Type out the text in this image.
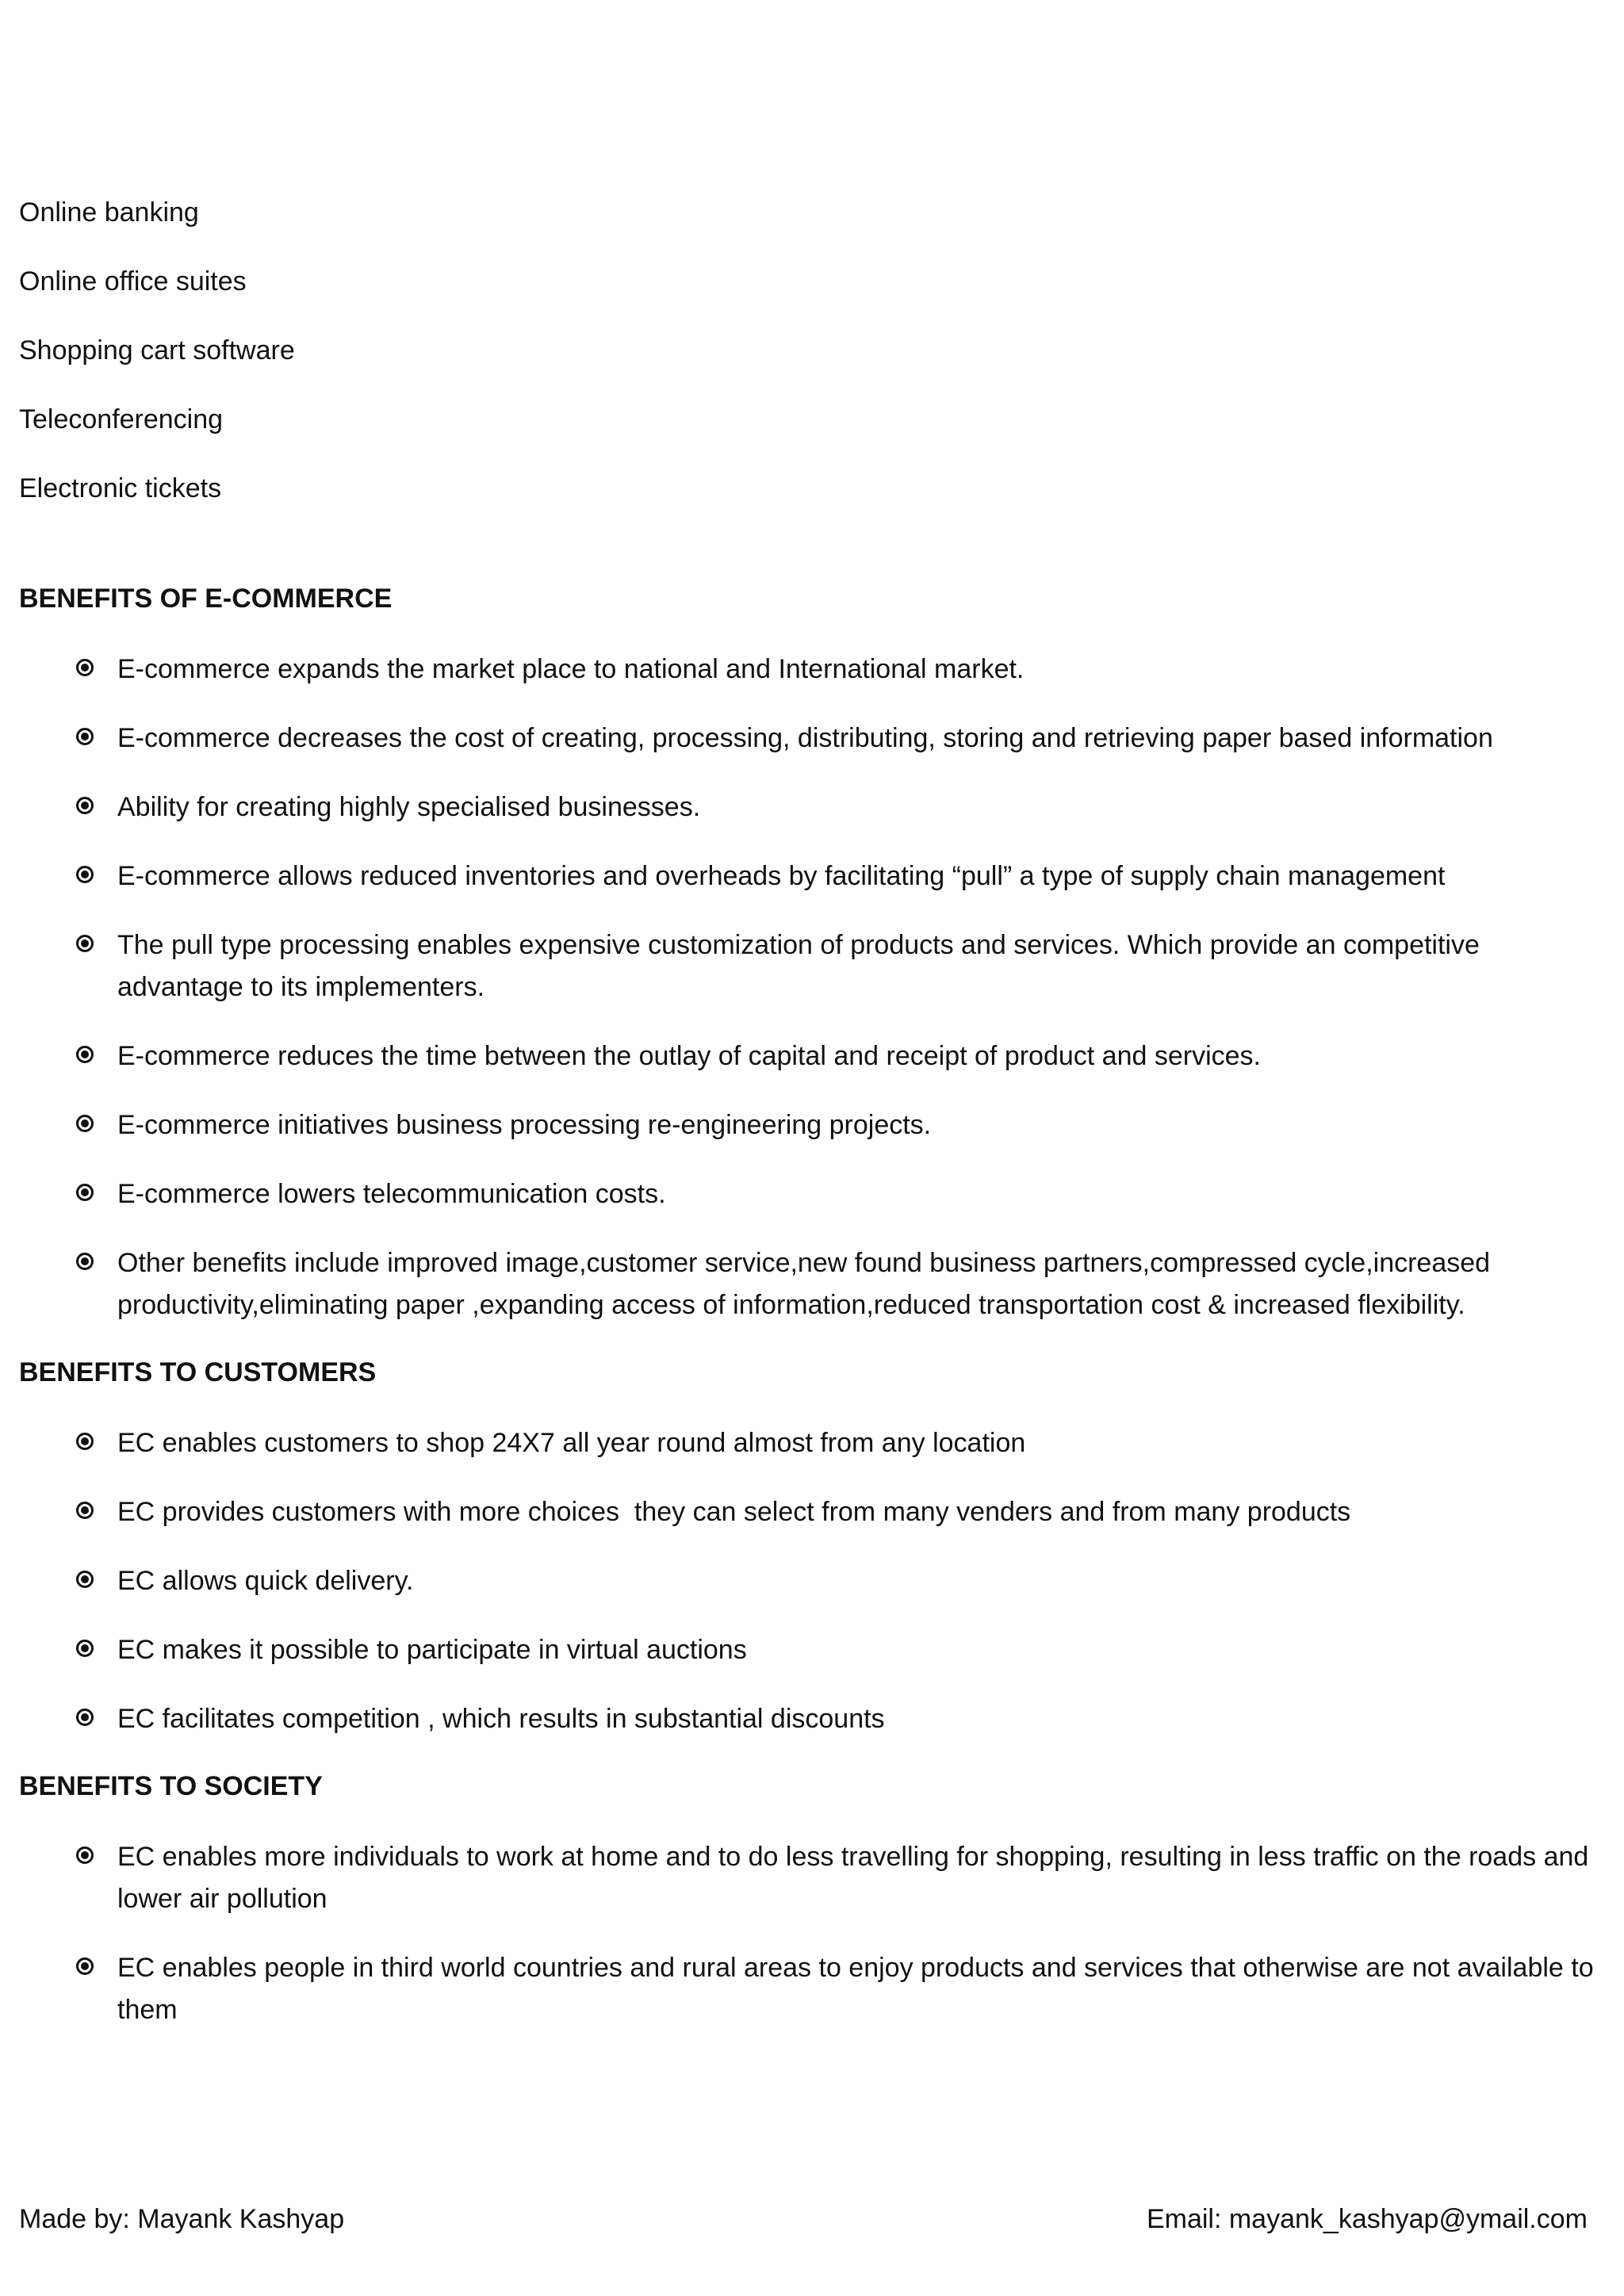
Online banking
Online office suites
Shopping cart software
Teleconferencing
Electronic tickets
BENEFITS OF E-COMMERCE
E-commerce expands the market place to national and International market.
E-commerce decreases the cost of creating, processing, distributing, storing and retrieving paper based information
Ability for creating highly specialised businesses.
E-commerce allows reduced inventories and overheads by facilitating “pull” a type of supply chain management
The pull type processing enables expensive customization of products and services. Which provide an competitive advantage to its implementers.
E-commerce reduces the time between the outlay of capital and receipt of product and services.
E-commerce initiatives business processing re-engineering projects.
E-commerce lowers telecommunication costs.
Other benefits include improved image,customer service,new found business partners,compressed cycle,increased productivity,eliminating paper ,expanding access of information,reduced transportation cost & increased flexibility.
BENEFITS TO CUSTOMERS
EC enables customers to shop 24X7 all year round almost from any location
EC provides customers with more choices  they can select from many venders and from many products
EC allows quick delivery.
EC makes it possible to participate in virtual auctions
EC facilitates competition , which results in substantial discounts
BENEFITS TO SOCIETY
EC enables more individuals to work at home and to do less travelling for shopping, resulting in less traffic on the roads and lower air pollution
EC enables people in third world countries and rural areas to enjoy products and services that otherwise are not available to them
Made by: Mayank Kashyap	Email: mayank_kashyap@ymail.com
